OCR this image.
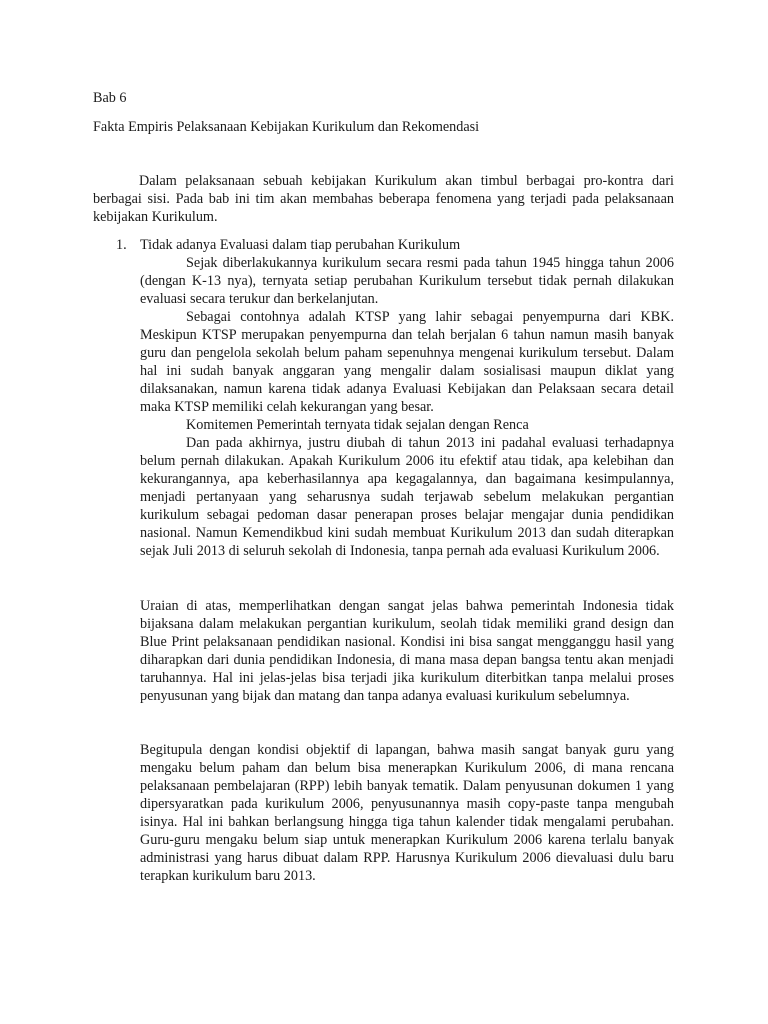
Bab 6
Fakta Empiris Pelaksanaan Kebijakan Kurikulum dan Rekomendasi

Dalam pelaksanaan sebuah kebijakan Kurikulum akan timbul berbagai pro-kontra dari berbagai sisi. Pada bab ini tim akan membahas beberapa fenomena yang terjadi pada pelaksanaan kebijakan Kurikulum.

1. Tidak adanya Evaluasi dalam tiap perubahan Kurikulum

Sejak diberlakukannya kurikulum secara resmi pada tahun 1945 hingga tahun 2006 (dengan K-13 nya), ternyata setiap perubahan Kurikulum tersebut tidak pernah dilakukan evaluasi secara terukur dan berkelanjutan.

Sebagai contohnya adalah KTSP yang lahir sebagai penyempurna dari KBK. Meskipun KTSP merupakan penyempurna dan telah berjalan 6 tahun namun masih banyak guru dan pengelola sekolah belum paham sepenuhnya mengenai kurikulum tersebut. Dalam hal ini sudah banyak anggaran yang mengalir dalam sosialisasi maupun diklat yang dilaksanakan, namun karena tidak adanya Evaluasi Kebijakan dan Pelaksaan secara detail maka KTSP memiliki celah kekurangan yang besar.

Komitemen Pemerintah ternyata tidak sejalan dengan Renca

Dan pada akhirnya, justru diubah di tahun 2013 ini padahal evaluasi terhadapnya belum pernah dilakukan. Apakah Kurikulum 2006 itu efektif atau tidak, apa kelebihan dan kekurangannya, apa keberhasilannya apa kegagalannya, dan bagaimana kesimpulannya, menjadi pertanyaan yang seharusnya sudah terjawab sebelum melakukan pergantian kurikulum sebagai pedoman dasar penerapan proses belajar mengajar dunia pendidikan nasional. Namun Kemendikbud kini sudah membuat Kurikulum 2013 dan sudah diterapkan sejak Juli 2013 di seluruh sekolah di Indonesia, tanpa pernah ada evaluasi Kurikulum 2006.

Uraian di atas, memperlihatkan dengan sangat jelas bahwa pemerintah Indonesia tidak bijaksana dalam melakukan pergantian kurikulum, seolah tidak memiliki grand design dan Blue Print pelaksanaan pendidikan nasional. Kondisi ini bisa sangat mengganggu hasil yang diharapkan dari dunia pendidikan Indonesia, di mana masa depan bangsa tentu akan menjadi taruhannya. Hal ini jelas-jelas bisa terjadi jika kurikulum diterbitkan tanpa melalui proses penyusunan yang bijak dan matang dan tanpa adanya evaluasi kurikulum sebelumnya.

Begitupula dengan kondisi objektif di lapangan, bahwa masih sangat banyak guru yang mengaku belum paham dan belum bisa menerapkan Kurikulum 2006, di mana rencana pelaksanaan pembelajaran (RPP) lebih banyak tematik. Dalam penyusunan dokumen 1 yang dipersyaratkan pada kurikulum 2006, penyusunannya masih copy-paste tanpa mengubah isinya. Hal ini bahkan berlangsung hingga tiga tahun kalender tidak mengalami perubahan. Guru-guru mengaku belum siap untuk menerapkan Kurikulum 2006 karena terlalu banyak administrasi yang harus dibuat dalam RPP. Harusnya Kurikulum 2006 dievaluasi dulu baru terapkan kurikulum baru 2013.
